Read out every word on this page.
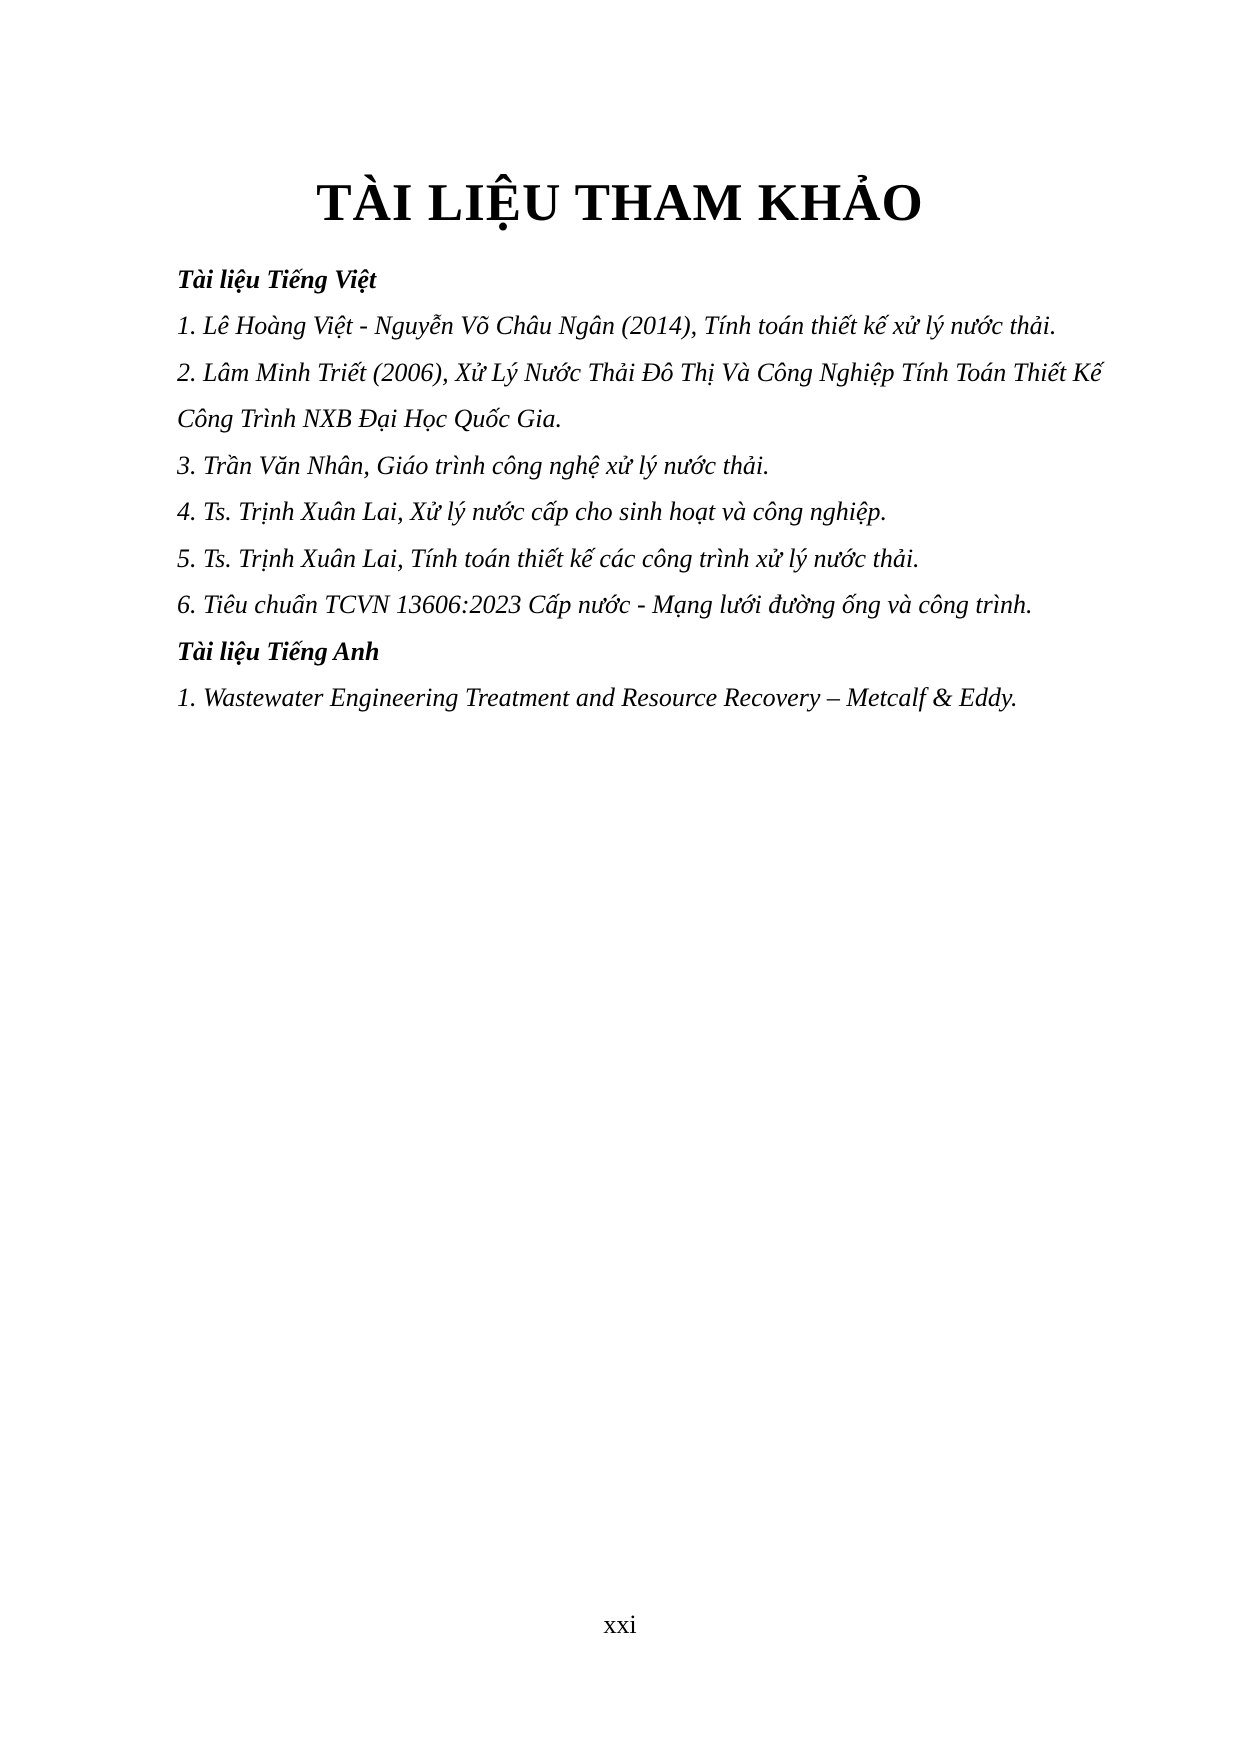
TÀI LIỆU THAM KHẢO
Tài liệu Tiếng Việt
1. Lê Hoàng Việt - Nguyễn Võ Châu Ngân (2014), Tính toán thiết kế xử lý nước thải.
2. Lâm Minh Triết (2006), Xử Lý Nước Thải Đô Thị Và Công Nghiệp Tính Toán Thiết Kế Công Trình NXB Đại Học Quốc Gia.
3. Trần Văn Nhân, Giáo trình công nghệ xử lý nước thải.
4. Ts. Trịnh Xuân Lai, Xử lý nước cấp cho sinh hoạt và công nghiệp.
5. Ts. Trịnh Xuân Lai, Tính toán thiết kế các công trình xử lý nước thải.
6. Tiêu chuẩn TCVN 13606:2023 Cấp nước - Mạng lưới đường ống và công trình.
Tài liệu Tiếng Anh
1. Wastewater Engineering Treatment and Resource Recovery – Metcalf & Eddy.
xxi
